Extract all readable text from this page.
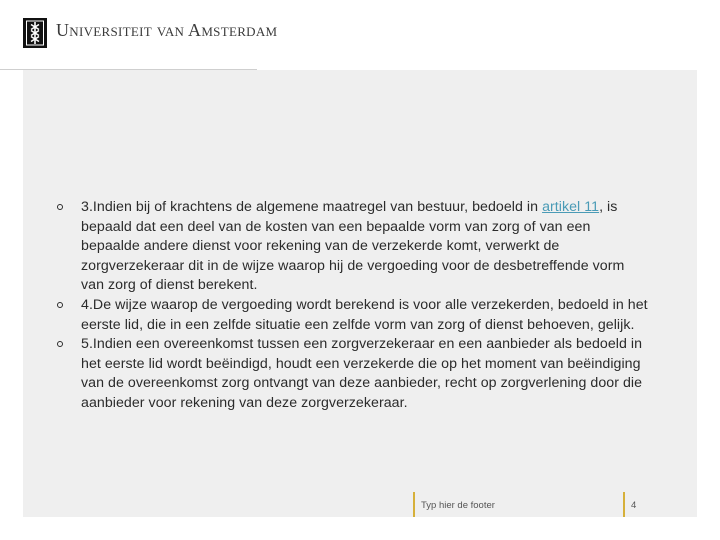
Universiteit van Amsterdam
3.Indien bij of krachtens de algemene maatregel van bestuur, bedoeld in artikel 11, is bepaald dat een deel van de kosten van een bepaalde vorm van zorg of van een bepaalde andere dienst voor rekening van de verzekerde komt, verwerkt de zorgverzekeraar dit in de wijze waarop hij de vergoeding voor de desbetreffende vorm van zorg of dienst berekent.
4.De wijze waarop de vergoeding wordt berekend is voor alle verzekerden, bedoeld in het eerste lid, die in een zelfde situatie een zelfde vorm van zorg of dienst behoeven, gelijk.
5.Indien een overeenkomst tussen een zorgverzekeraar en een aanbieder als bedoeld in het eerste lid wordt beëindigd, houdt een verzekerde die op het moment van beëindiging van de overeenkomst zorg ontvangt van deze aanbieder, recht op zorgverlening door die aanbieder voor rekening van deze zorgverzekeraar.
Typ hier de footer	4
